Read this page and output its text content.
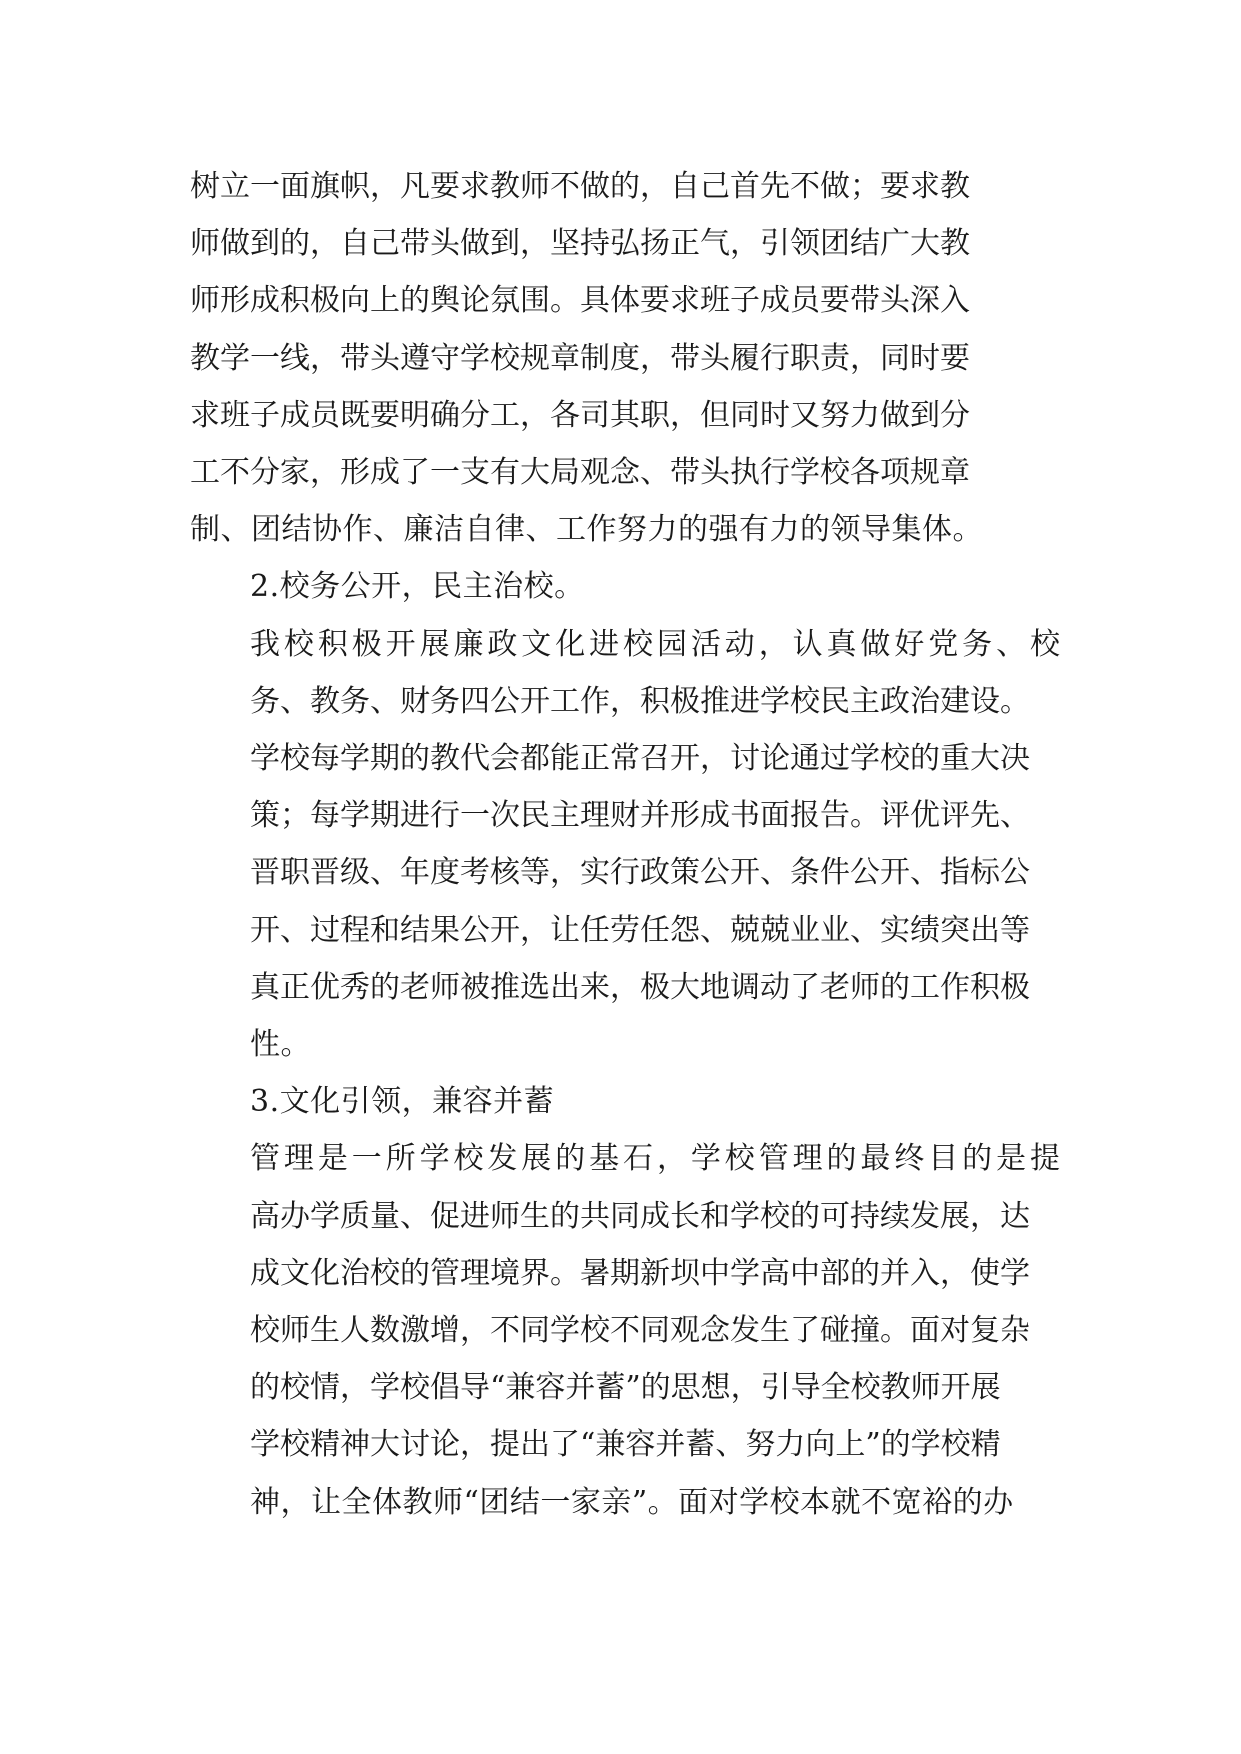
树立一面旗帜，凡要求教师不做的，自己首先不做；要求教
师做到的，自己带头做到，坚持弘扬正气，引领团结广大教
师形成积极向上的舆论氛围。具体要求班子成员要带头深入
教学一线，带头遵守学校规章制度，带头履行职责，同时要
求班子成员既要明确分工，各司其职，但同时又努力做到分
工不分家，形成了一支有大局观念、带头执行学校各项规章
制、团结协作、廉洁自律、工作努力的强有力的领导集体。

2.校务公开，民主治校。

我校积极开展廉政文化进校园活动，认真做好党务、校
务、教务、财务四公开工作，积极推进学校民主政治建设。
学校每学期的教代会都能正常召开，讨论通过学校的重大决
策；每学期进行一次民主理财并形成书面报告。评优评先、
晋职晋级、年度考核等，实行政策公开、条件公开、指标公
开、过程和结果公开，让任劳任怨、兢兢业业、实绩突出等
真正优秀的老师被推选出来，极大地调动了老师的工作积极
性。

3.文化引领，兼容并蓄

管理是一所学校发展的基石，学校管理的最终目的是提
高办学质量、促进师生的共同成长和学校的可持续发展，达
成文化治校的管理境界。暑期新坝中学高中部的并入，使学
校师生人数激增，不同学校不同观念发生了碰撞。面对复杂
的校情，学校倡导“兼容并蓄”的思想，引导全校教师开展
学校精神大讨论，提出了“兼容并蓄、努力向上”的学校精
神，让全体教师“团结一家亲”。面对学校本就不宽裕的办
